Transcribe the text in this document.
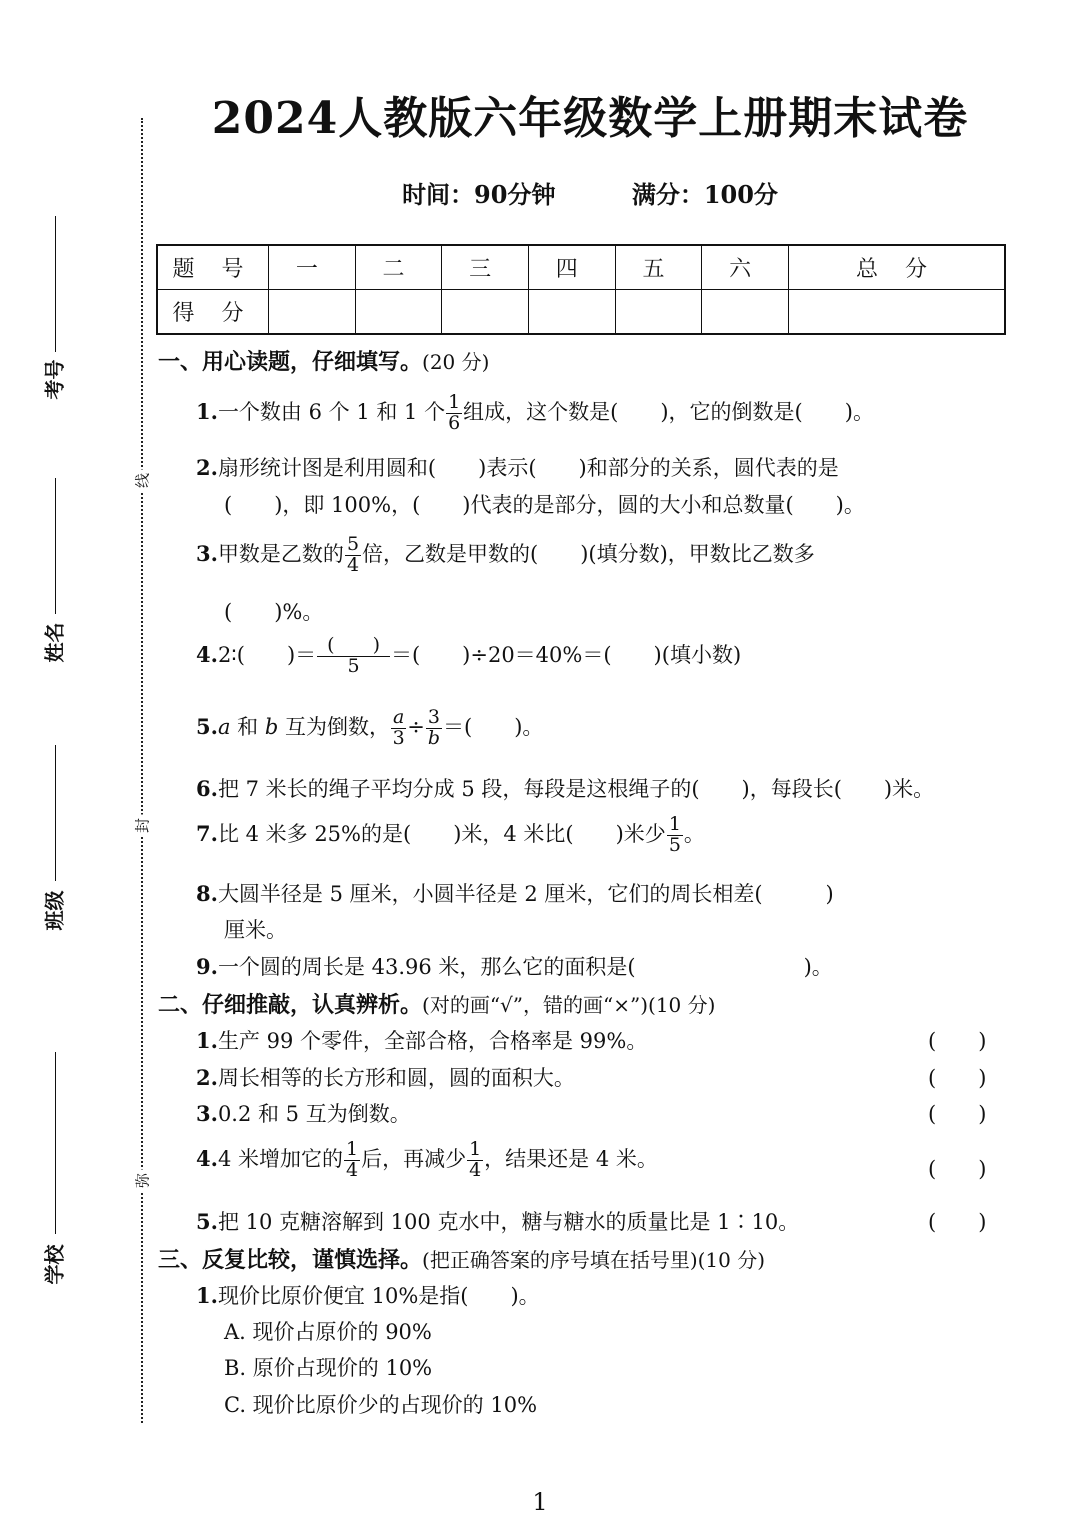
线
封
弥
考号
姓名
班级
学校
2024人教版六年级数学上册期末试卷
时间：90分钟	满分：100分
题 号	一	二	三	四	五	六	总 分
得 分							
一、用心读题，仔细填写。(20 分)
1.一个数由 6 个 1 和 1 个 $\frac{1}{6}$ 组成，这个数是(　　)，它的倒数是(　　)。
2.扇形统计图是利用圆和(　　)表示(　　)和部分的关系，圆代表的是
(　　)，即 100%，(　　)代表的是部分，圆的大小和总数量(　　)。
3.甲数是乙数的 $\frac{5}{4}$ 倍，乙数是甲数的(　　)(填分数)，甲数比乙数多
(　　)%。
4.2∶(　　)＝ $\frac{( )}{5}$ ＝(　　)÷20＝40%＝(　　)(填小数)
5.a 和 b 互为倒数， $\frac{a}{3} \div \frac{3}{b}$ ＝(　　)。
6.把 7 米长的绳子平均分成 5 段，每段是这根绳子的(　　)，每段长(　　)米。
7.比 4 米多 25%的是(　　)米，4 米比(　　)米少 $\frac{1}{5}$ 。
8.大圆半径是 5 厘米，小圆半径是 2 厘米，它们的周长相差(　　　)
厘米。
9.一个圆的周长是 43.96 米，那么它的面积是(　　　　　　　　)。
二、仔细推敲，认真辨析。(对的画“√”，错的画“×”)(10 分)
1.生产 99 个零件，全部合格，合格率是 99%。	(　　)
2.周长相等的长方形和圆，圆的面积大。	(　　)
3.0.2 和 5 互为倒数。	(　　)
4.4 米增加它的 $\frac{1}{4}$ 后，再减少 $\frac{1}{4}$ ，结果还是 4 米。	(　　)
5.把 10 克糖溶解到 100 克水中，糖与糖水的质量比是 1∶10。	(　　)
三、反复比较，谨慎选择。(把正确答案的序号填在括号里)(10 分)
1.现价比原价便宜 10%是指(　　)。
A. 现价占原价的 90%
B. 原价占现价的 10%
C. 现价比原价少的占现价的 10%
1
